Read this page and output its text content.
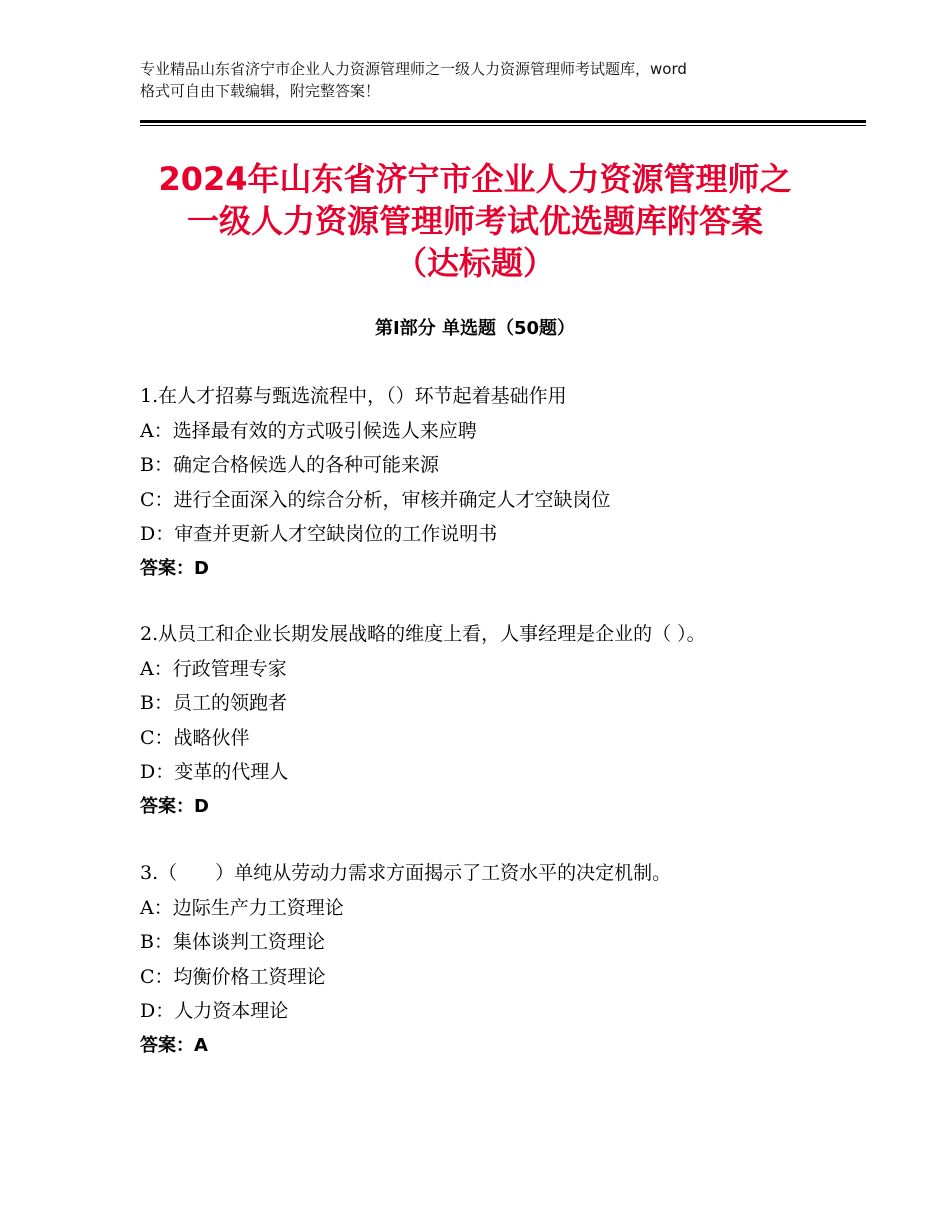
专业精品山东省济宁市企业人力资源管理师之一级人力资源管理师考试题库，word
格式可自由下载编辑，附完整答案！
2024年山东省济宁市企业人力资源管理师之
一级人力资源管理师考试优选题库附答案
（达标题）
第Ⅰ部分 单选题（50题）
1.在人才招募与甄选流程中，（）环节起着基础作用
A：选择最有效的方式吸引候选人来应聘
B：确定合格候选人的各种可能来源
C：进行全面深入的综合分析，审核并确定人才空缺岗位
D：审查并更新人才空缺岗位的工作说明书
答案：D
2.从员工和企业长期发展战略的维度上看，人事经理是企业的（ ）。
A：行政管理专家
B：员工的领跑者
C：战略伙伴
D：变革的代理人
答案：D
3.（　　）单纯从劳动力需求方面揭示了工资水平的决定机制。
A：边际生产力工资理论
B：集体谈判工资理论
C：均衡价格工资理论
D：人力资本理论
答案：A
